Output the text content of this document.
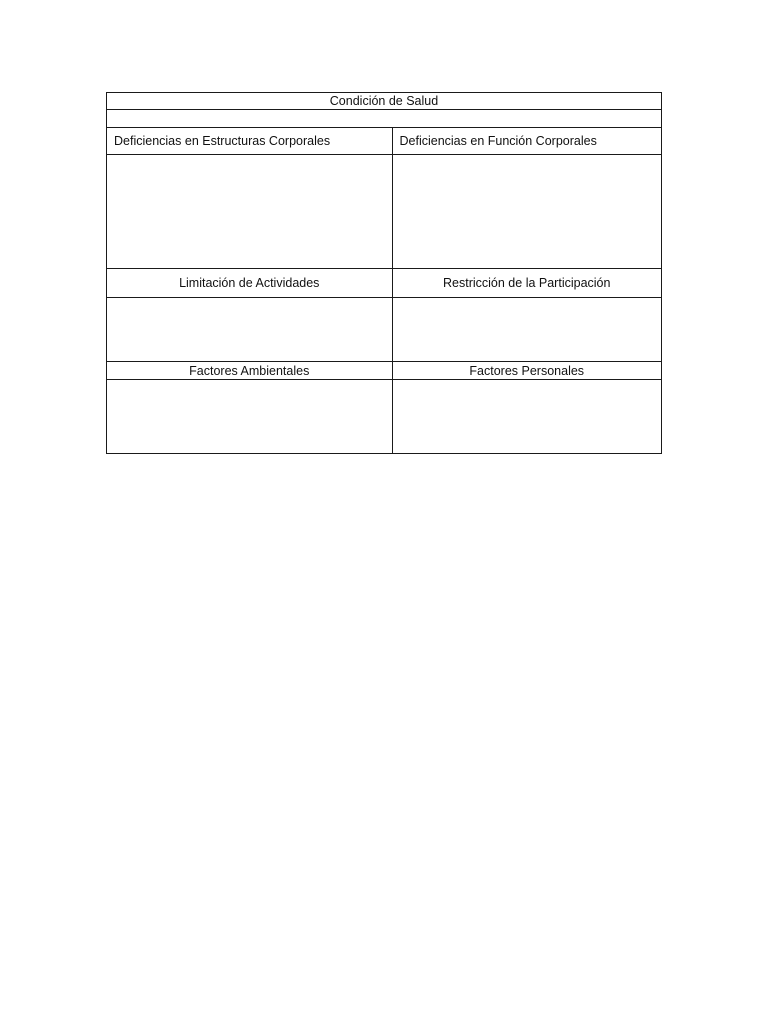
Condición de Salud	

Deficiencias en Estructuras Corporales	Deficiencias en Función Corporales

Limitación de Actividades	Restricción de la Participación

Factores Ambientales	Factores Personales
